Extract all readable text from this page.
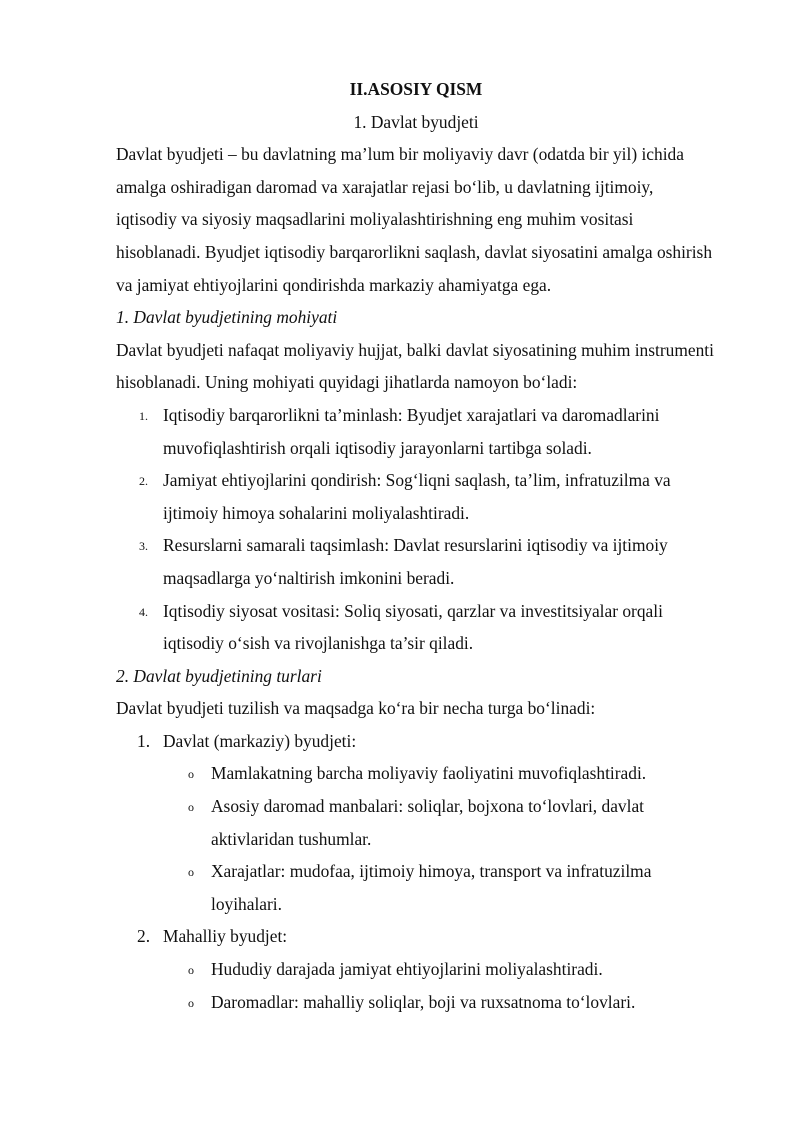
II.ASOSIY QISM

1. Davlat byudjeti

Davlat byudjeti – bu davlatning ma’lum bir moliyaviy davr (odatda bir yil) ichida amalga oshiradigan daromad va xarajatlar rejasi bo‘lib, u davlatning ijtimoiy, iqtisodiy va siyosiy maqsadlarini moliyalashtirishning eng muhim vositasi hisoblanadi. Byudjet iqtisodiy barqarorlikni saqlash, davlat siyosatini amalga oshirish va jamiyat ehtiyojlarini qondirishda markaziy ahamiyatga ega.

1. Davlat byudjetining mohiyati

Davlat byudjeti nafaqat moliyaviy hujjat, balki davlat siyosatining muhim instrumenti hisoblanadi. Uning mohiyati quyidagi jihatlarda namoyon bo‘ladi:

1. Iqtisodiy barqarorlikni ta’minlash: Byudjet xarajatlari va daromadlarini muvofiqlashtirish orqali iqtisodiy jarayonlarni tartibga soladi.
2. Jamiyat ehtiyojlarini qondirish: Sog‘liqni saqlash, ta’lim, infratuzilma va ijtimoiy himoya sohalarini moliyalashtiradi.
3. Resurslarni samarali taqsimlash: Davlat resurslarini iqtisodiy va ijtimoiy maqsadlarga yo‘naltirish imkonini beradi.
4. Iqtisodiy siyosat vositasi: Soliq siyosati, qarzlar va investitsiyalar orqali iqtisodiy o‘sish va rivojlanishga ta’sir qiladi.

2. Davlat byudjetining turlari

Davlat byudjeti tuzilish va maqsadga ko‘ra bir necha turga bo‘linadi:

1. Davlat (markaziy) byudjeti:
o Mamlakatning barcha moliyaviy faoliyatini muvofiqlashtiradi.
o Asosiy daromad manbalari: soliqlar, bojxona to‘lovlari, davlat aktivlaridan tushumlar.
o Xarajatlar: mudofaa, ijtimoiy himoya, transport va infratuzilma loyihalari.
2. Mahalliy byudjet:
o Hududiy darajada jamiyat ehtiyojlarini moliyalashtiradi.
o Daromadlar: mahalliy soliqlar, boji va ruxsatnoma to‘lovlari.
